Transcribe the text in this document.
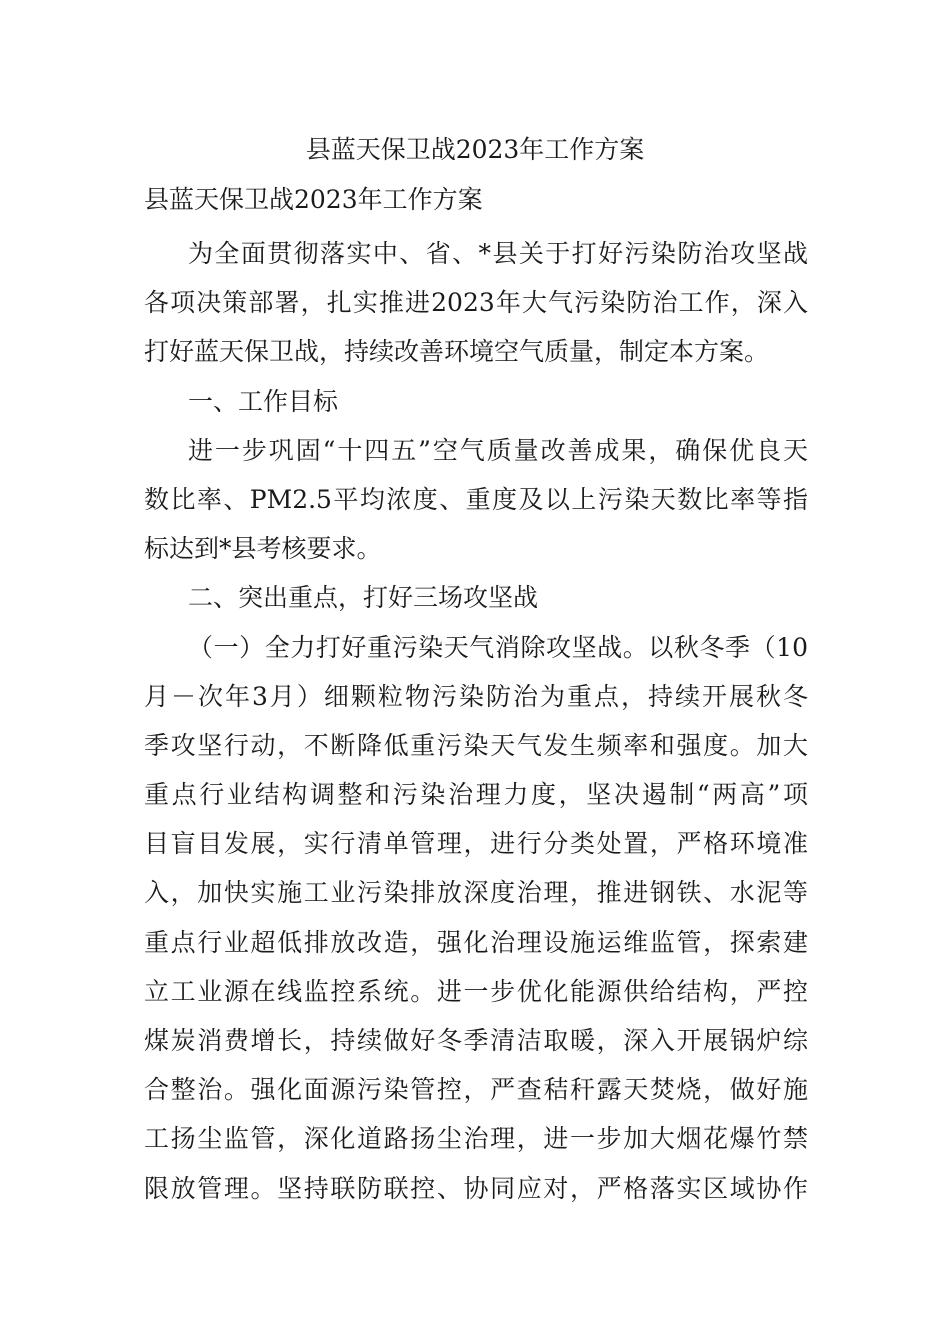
县蓝天保卫战2023年工作方案
县蓝天保卫战2023年工作方案
为全面贯彻落实中、省、*县关于打好污染防治攻坚战
各项决策部署，扎实推进2023年大气污染防治工作，深入
打好蓝天保卫战，持续改善环境空气质量，制定本方案。
一、工作目标
进一步巩固“十四五”空气质量改善成果，确保优良天
数比率、PM2.5平均浓度、重度及以上污染天数比率等指
标达到*县考核要求。
二、突出重点，打好三场攻坚战
（一）全力打好重污染天气消除攻坚战。以秋冬季（10
月－次年3月）细颗粒物污染防治为重点，持续开展秋冬
季攻坚行动，不断降低重污染天气发生频率和强度。加大
重点行业结构调整和污染治理力度，坚决遏制“两高”项
目盲目发展，实行清单管理，进行分类处置，严格环境准
入，加快实施工业污染排放深度治理，推进钢铁、水泥等
重点行业超低排放改造，强化治理设施运维监管，探索建
立工业源在线监控系统。进一步优化能源供给结构，严控
煤炭消费增长，持续做好冬季清洁取暖，深入开展锅炉综
合整治。强化面源污染管控，严查秸秆露天焚烧，做好施
工扬尘监管，深化道路扬尘治理，进一步加大烟花爆竹禁
限放管理。坚持联防联控、协同应对，严格落实区域协作
